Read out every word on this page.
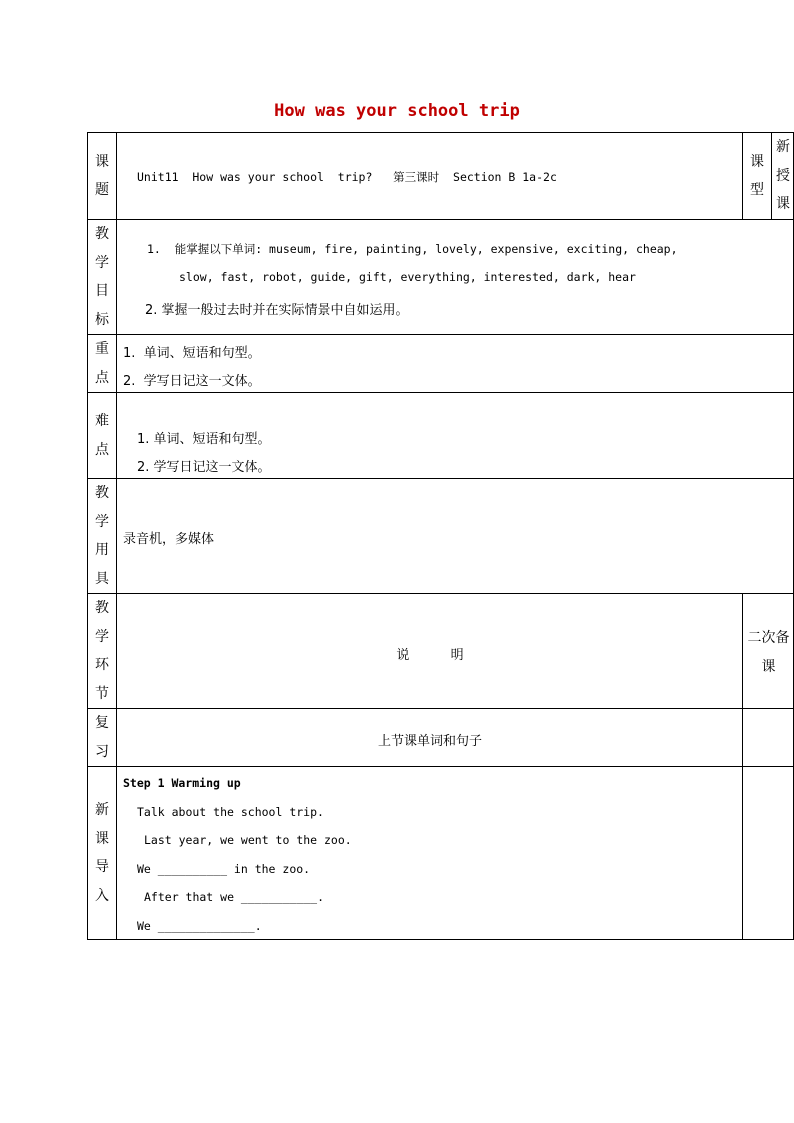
How was your school trip
课
题
Unit11  How was your school  trip?   第三课时  Section B 1a-2c
课
型
新
授
课
教
学
目
标
1.  能掌握以下单词: museum, fire, painting, lovely, expensive, exciting, cheap,
slow, fast, robot, guide, gift, everything, interested, dark, hear
2. 掌握一般过去时并在实际情景中自如运用。
重
点
1.  单词、短语和句型。
2.  学写日记这一文体。
难
点
1. 单词、短语和句型。
2. 学写日记这一文体。
教
学
用
具
录音机，多媒体
教
学
环
节
说          明
二次备
课
复
习
上节课单词和句子
新
课
导
入
Step 1 Warming up
Talk about the school trip.
Last year, we went to the zoo.
We __________ in the zoo.
After that we ___________.
We ______________.
